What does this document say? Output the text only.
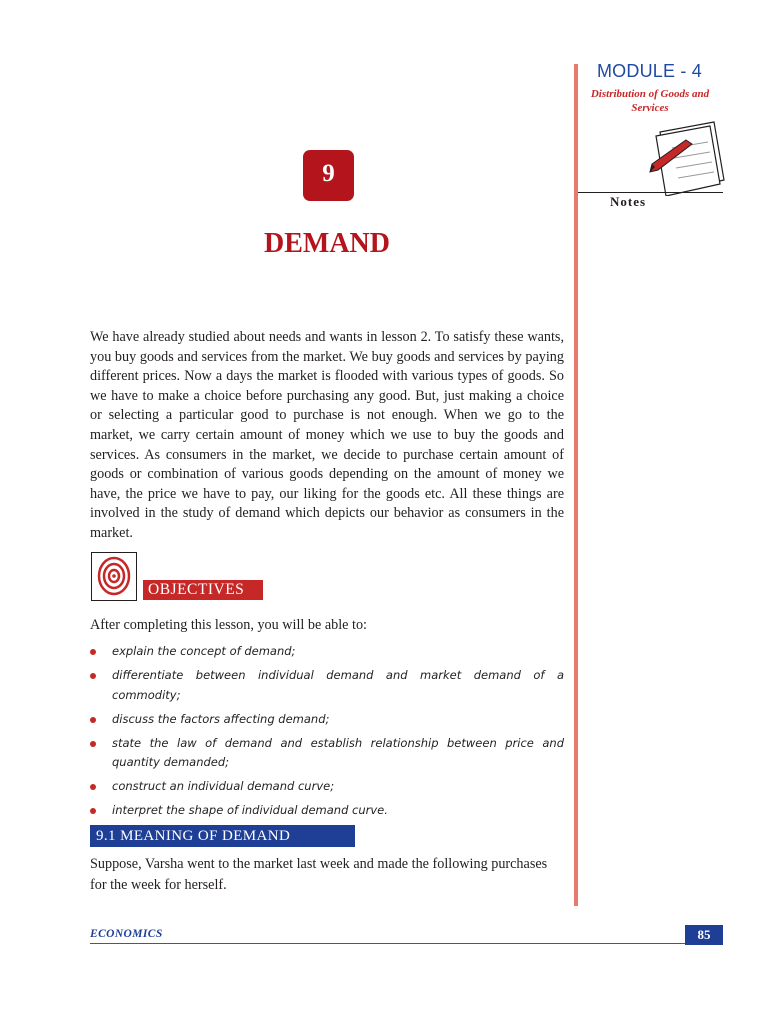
MODULE - 4
Distribution of Goods and Services
Notes
9
DEMAND
We have already studied about needs and wants in lesson 2. To satisfy these wants, you buy goods and services from the market. We buy goods and services by paying different prices. Now a days the market is flooded with various types of goods. So we have to make a choice before purchasing any good. But, just making a choice or selecting a particular good to purchase is not enough. When we go to the market, we carry certain amount of money which we use to buy the goods and services. As consumers in the market, we decide to purchase certain amount of goods or combination of various goods depending on the amount of money we have, the price we have to pay, our liking for the goods etc. All these things are involved in the study of demand which depicts our behavior as consumers in the market.
OBJECTIVES
After completing this lesson, you will be able to:
explain the concept of demand;
differentiate between individual demand and market demand of a commodity;
discuss the factors affecting demand;
state the law of demand and establish relationship between price and quantity demanded;
construct an individual demand curve;
interpret the shape of individual demand curve.
9.1 MEANING OF DEMAND
Suppose, Varsha went to the market last week and made the following purchases for the week for herself.
ECONOMICS	85
